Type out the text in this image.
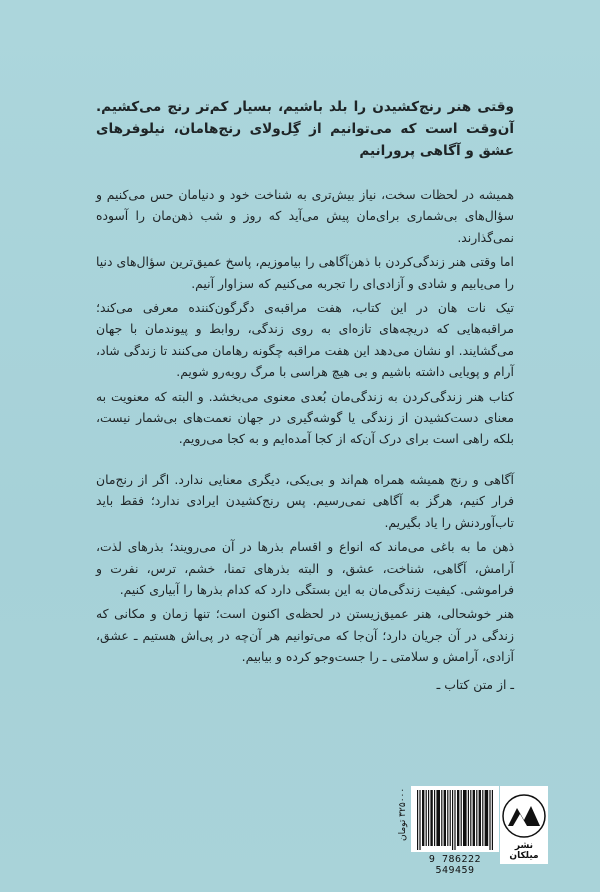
وقتی هنر رنج‌کشیدن را بلد باشیم، بسیار کم‌تر رنج می‌کشیم. آن‌وقت است که می‌توانیم از گِل‌ولای رنج‌هامان، نیلوفرهای عشق و آگاهی پرورانیم

همیشه در لحظات سخت، نیاز بیش‌تری به شناخت خود و دنیامان حس می‌کنیم و سؤال‌های بی‌شماری برای‌مان پیش می‌آید که روز و شب ذهن‌مان را آسوده نمی‌گذارند.

اما وقتی هنر زندگی‌کردن با ذهن‌آگاهی را بیاموزیم، پاسخ عمیق‌ترین سؤال‌های دنیا را می‌یابیم و شادی و آزادی‌ای را تجربه می‌کنیم که سزاوار آنیم.

تیک نات هان در این کتاب، هفت مراقبه‌ی دگرگون‌کننده معرفی می‌کند؛ مراقبه‌هایی که دریچه‌های تازه‌ای به روی زندگی، روابط و پیوندمان با جهان می‌گشایند. او نشان می‌دهد این هفت مراقبه چگونه رهامان می‌کنند تا زندگی شاد، آرام و پویایی داشته باشیم و بی هیچ هراسی با مرگ روبه‌رو شویم.

کتاب هنر زندگی‌کردن به زندگی‌مان بُعدی معنوی می‌بخشد. و البته که معنویت به معنای دست‌کشیدن از زندگی یا گوشه‌گیری در جهان نعمت‌های بی‌شمار نیست، بلکه راهی است برای درک آن‌که از کجا آمده‌ایم و به کجا می‌رویم.

آگاهی و رنج همیشه همراه هم‌اند و بی‌یکی، دیگری معنایی ندارد. اگر از رنج‌مان فرار کنیم، هرگز به آگاهی نمی‌رسیم. پس رنج‌کشیدن ایرادی ندارد؛ فقط باید تاب‌آوردنش را یاد بگیریم.

ذهن ما به باغی می‌ماند که انواع و اقسام بذرها در آن می‌رویند؛ بذرهای لذت، آرامش، آگاهی، شناخت، عشق، و البته بذرهای تمنا، خشم، ترس، نفرت و فراموشی. کیفیت زندگی‌مان به این بستگی دارد که کدام بذرها را آبیاری کنیم.

هنر خوشحالی، هنر عمیق‌زیستن در لحظه‌ی اکنون است؛ تنها زمان و مکانی که زندگی در آن جریان دارد؛ آن‌جا که می‌توانیم هر آن‌چه در پی‌اش هستیم ـ عشق، آزادی، آرامش و سلامتی ـ را جست‌وجو کرده و بیابیم.

ـ از متن کتاب ـ
۳۲۵۰۰۰ تومان
9 786222 549459
نشر میلکان
